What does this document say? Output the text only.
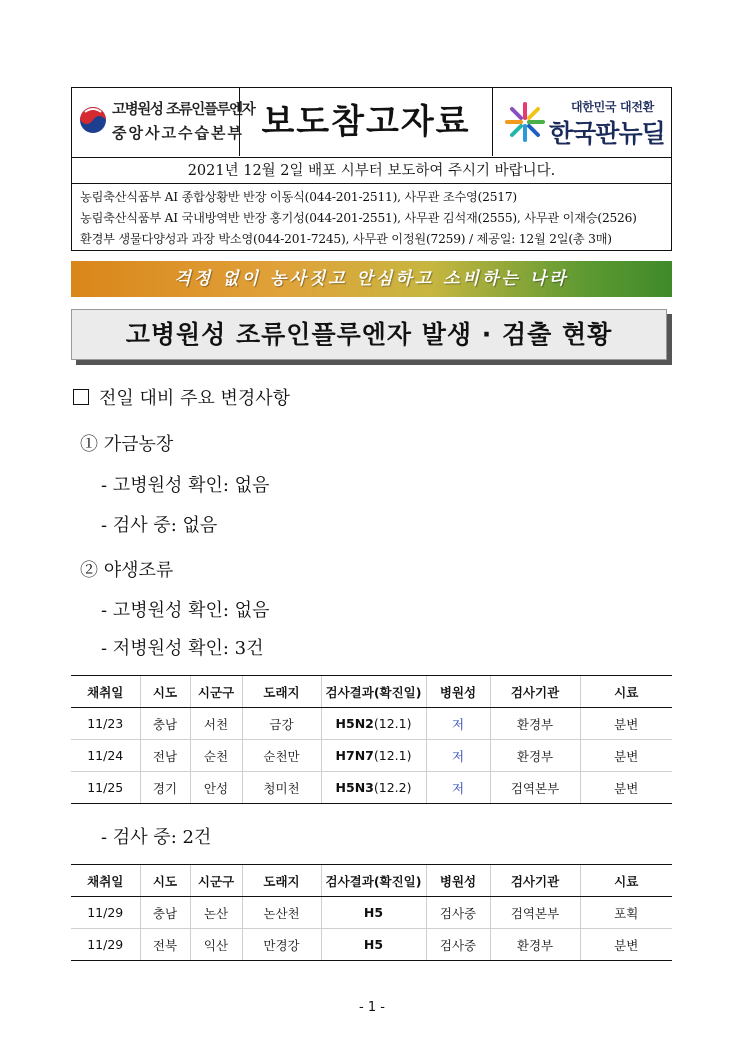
고병원성 조류인플루엔자
중앙사고수습본부 보도참고자료	대한민국 대전환
한국판뉴딜
2021년 12월 2일 배포 시부터 보도하여 주시기 바랍니다.
농림축산식품부 AI 종합상황반 반장 이동식(044-201-2511), 사무관 조수영(2517)
농림축산식품부 AI 국내방역반 반장 홍기성(044-201-2551), 사무관 김석재(2555), 사무관 이재승(2526)
환경부 생물다양성과 과장 박소영(044-201-7245), 사무관 이정원(7259) / 제공일: 12월 2일(총 3매)
걱정 없이 농사짓고 안심하고 소비하는 나라
고병원성 조류인플루엔자 발생 · 검출 현황
전일 대비 주요 변경사항
① 가금농장
- 고병원성 확인: 없음
- 검사 중: 없음
② 야생조류
- 고병원성 확인: 없음
- 저병원성 확인: 3건
채취일	시도	시군구	도래지	검사결과(확진일)	병원성	검사기관	시료
11/23	충남	서천	금강	H5N2(12.1)	저	환경부	분변
11/24	전남	순천	순천만	H7N7(12.1)	저	환경부	분변
11/25	경기	안성	청미천	H5N3(12.2)	저	검역본부	분변
- 검사 중: 2건
채취일	시도	시군구	도래지	검사결과(확진일)	병원성	검사기관	시료
11/29	충남	논산	논산천	H5	검사중	검역본부	포획
11/29	전북	익산	만경강	H5	검사중	환경부	분변
- 1 -
